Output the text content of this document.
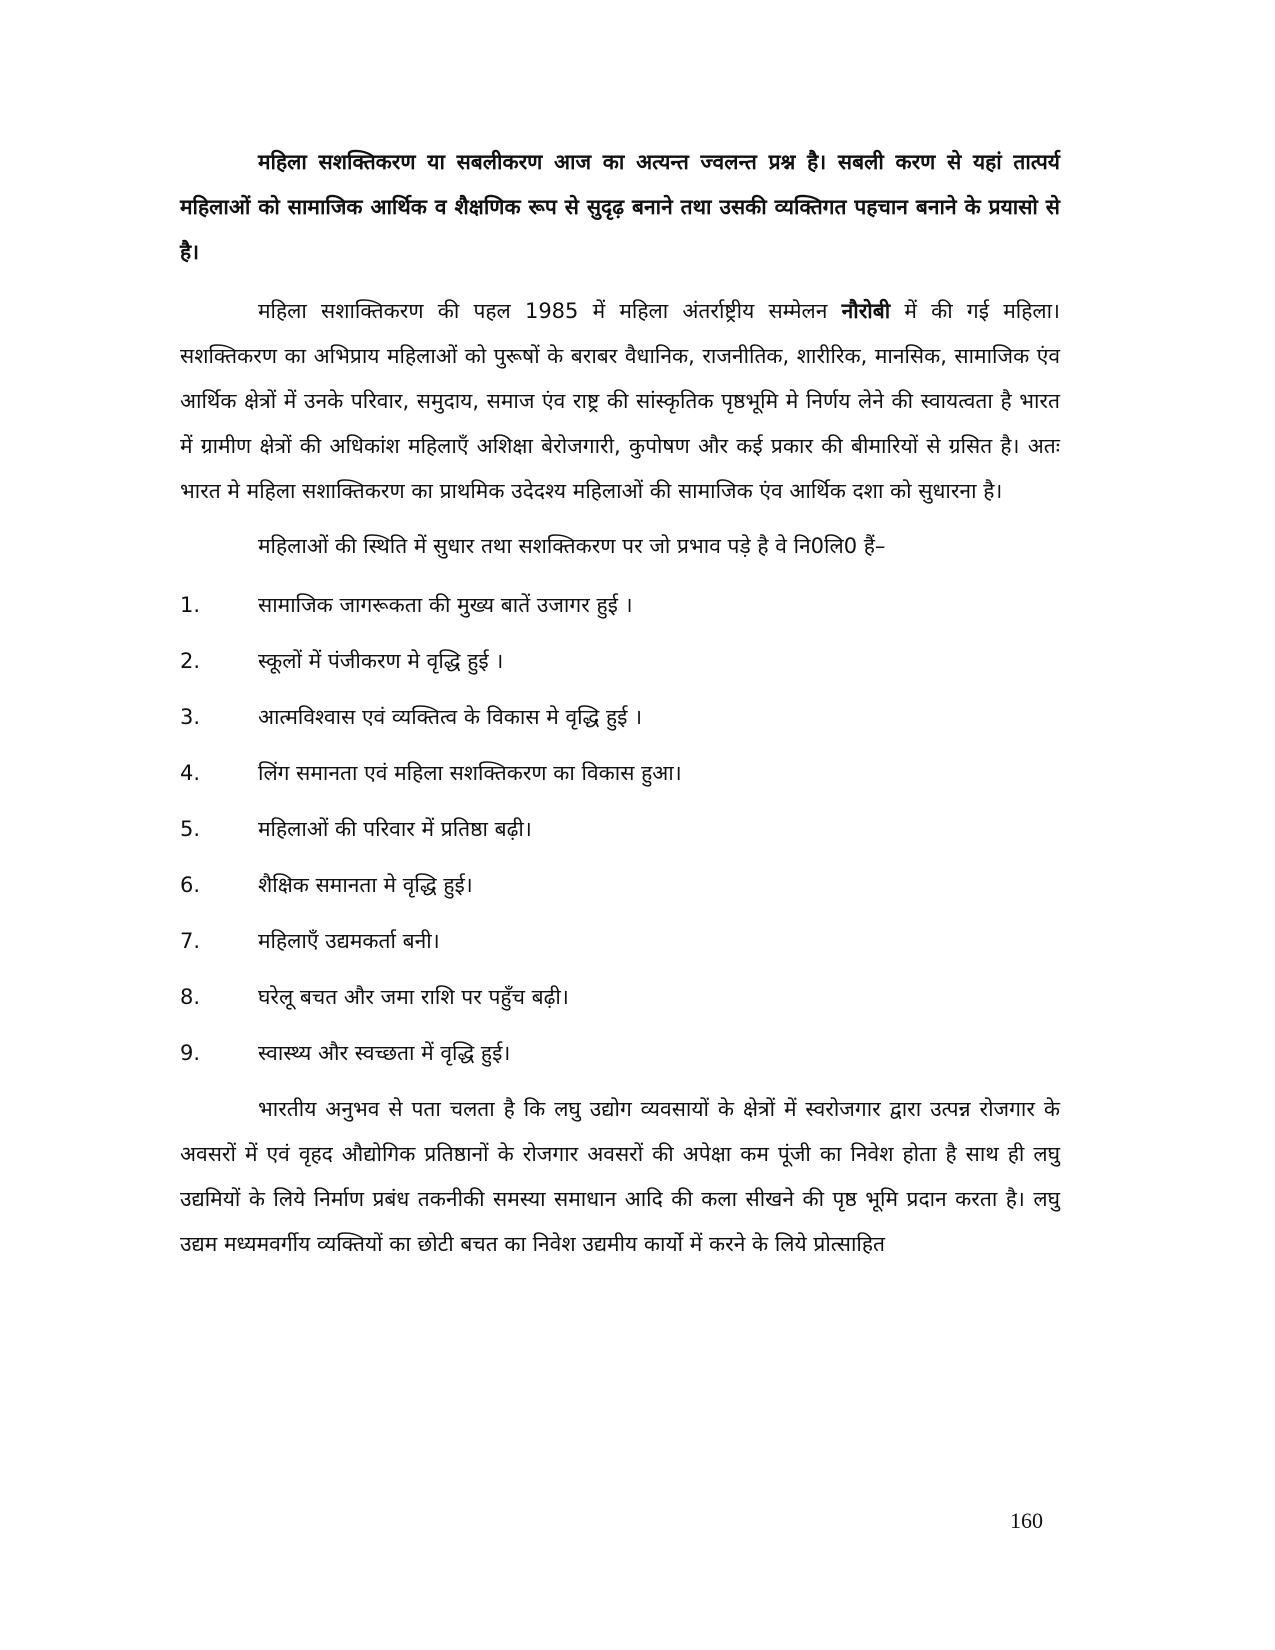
महिला सशक्तिकरण या सबलीकरण आज का अत्यन्त ज्वलन्त प्रश्न है। सबली करण से यहां तात्पर्य महिलाओं को सामाजिक आर्थिक व शैक्षणिक रूप से सुदृढ़ बनाने तथा उसकी व्यक्तिगत पहचान बनाने के प्रयासो से है।

महिला सशाक्तिकरण की पहल 1985 में महिला अंतर्राष्ट्रीय सम्मेलन नौरोबी में की गई महिला। सशक्तिकरण का अभिप्राय महिलाओं को पुरूषों के बराबर वैधानिक, राजनीतिक, शारीरिक, मानसिक, सामाजिक एंव आर्थिक क्षेत्रों में उनके परिवार, समुदाय, समाज एंव राष्ट्र की सांस्कृतिक पृष्ठभूमि मे निर्णय लेने की स्वायत्वता है भारत में ग्रामीण क्षेत्रों की अधिकांश महिलाएँ अशिक्षा बेरोजगारी, कुपोषण और कई प्रकार की बीमारियों से ग्रसित है। अतः भारत मे महिला सशाक्तिकरण का प्राथमिक उदेदश्य महिलाओं की सामाजिक एंव आर्थिक दशा को सुधारना है।

महिलाओं की स्थिति में सुधार तथा सशक्तिकरण पर जो प्रभाव पड़े है वे नि0लि0 हैं–

1.	सामाजिक जागरूकता की मुख्य बातें उजागर हुई ।
2.	स्कूलों में पंजीकरण मे वृद्धि हुई ।
3.	आत्मविश्वास एवं व्यक्तित्व के विकास मे वृद्धि हुई ।
4.	लिंग समानता एवं महिला सशक्तिकरण का विकास हुआ।
5.	महिलाओं की परिवार में प्रतिष्ठा बढ़ी।
6.	शैक्षिक समानता मे वृद्धि हुई।
7.	महिलाएँ उद्यमकर्ता बनी।
8.	घरेलू बचत और जमा राशि पर पहुँच बढ़ी।
9.	स्वास्थ्य और स्वच्छता में वृद्धि हुई।

भारतीय अनुभव से पता चलता है कि लघु उद्योग व्यवसायों के क्षेत्रों में स्वरोजगार द्वारा उत्पन्न रोजगार के अवसरों में एवं वृहद औद्योगिक प्रतिष्ठानों के रोजगार अवसरों की अपेक्षा कम पूंजी का निवेश होता है साथ ही लघु उद्यमियों के लिये निर्माण प्रबंध तकनीकी समस्या समाधान आदि की कला सीखने की पृष्ठ भूमि प्रदान करता है। लघु उद्यम मध्यमवर्गीय व्यक्तियों का छोटी बचत का निवेश उद्यमीय कार्यो में करने के लिये प्रोत्साहित

160
